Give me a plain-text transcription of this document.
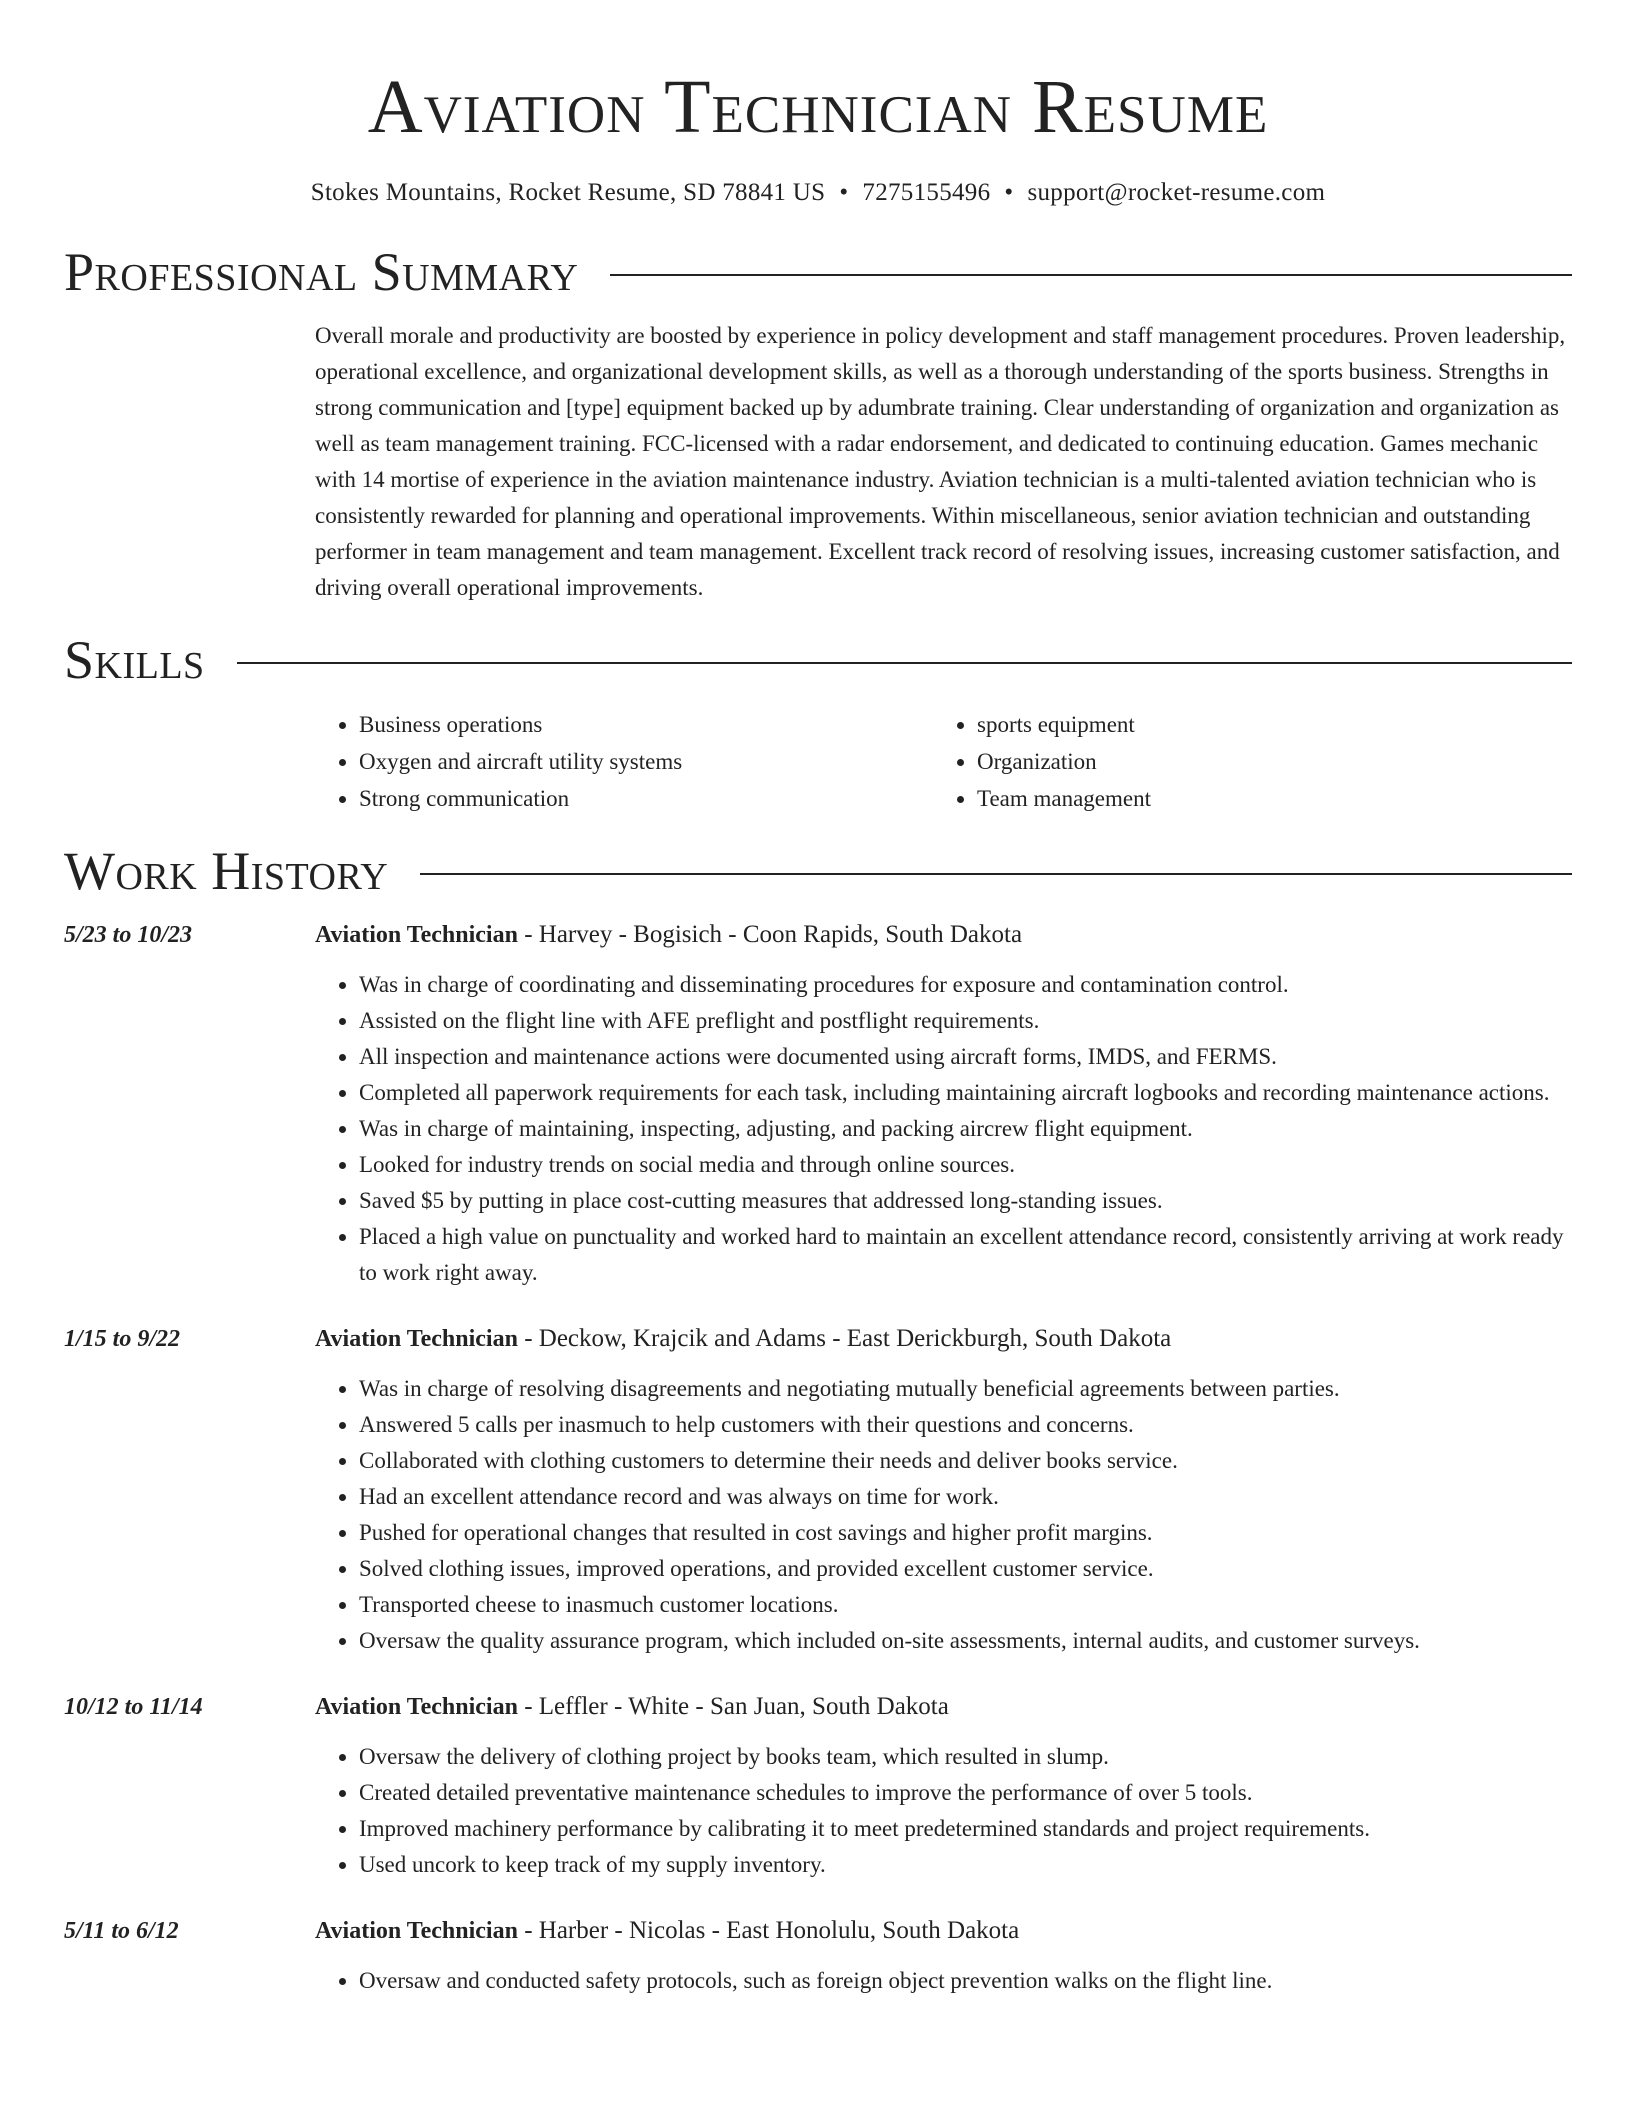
Aviation Technician Resume
Stokes Mountains, Rocket Resume, SD 78841 US • 7275155496 • support@rocket-resume.com
Professional Summary
Overall morale and productivity are boosted by experience in policy development and staff management procedures. Proven leadership, operational excellence, and organizational development skills, as well as a thorough understanding of the sports business. Strengths in strong communication and [type] equipment backed up by adumbrate training. Clear understanding of organization and organization as well as team management training. FCC-licensed with a radar endorsement, and dedicated to continuing education. Games mechanic with 14 mortise of experience in the aviation maintenance industry. Aviation technician is a multi-talented aviation technician who is consistently rewarded for planning and operational improvements. Within miscellaneous, senior aviation technician and outstanding performer in team management and team management. Excellent track record of resolving issues, increasing customer satisfaction, and driving overall operational improvements.
Skills
• Business operations
• Oxygen and aircraft utility systems
• Strong communication
• sports equipment
• Organization
• Team management
Work History
5/23 to 10/23	Aviation Technician - Harvey - Bogisich - Coon Rapids, South Dakota
• Was in charge of coordinating and disseminating procedures for exposure and contamination control.
• Assisted on the flight line with AFE preflight and postflight requirements.
• All inspection and maintenance actions were documented using aircraft forms, IMDS, and FERMS.
• Completed all paperwork requirements for each task, including maintaining aircraft logbooks and recording maintenance actions.
• Was in charge of maintaining, inspecting, adjusting, and packing aircrew flight equipment.
• Looked for industry trends on social media and through online sources.
• Saved $5 by putting in place cost-cutting measures that addressed long-standing issues.
• Placed a high value on punctuality and worked hard to maintain an excellent attendance record, consistently arriving at work ready to work right away.
1/15 to 9/22	Aviation Technician - Deckow, Krajcik and Adams - East Derickburgh, South Dakota
• Was in charge of resolving disagreements and negotiating mutually beneficial agreements between parties.
• Answered 5 calls per inasmuch to help customers with their questions and concerns.
• Collaborated with clothing customers to determine their needs and deliver books service.
• Had an excellent attendance record and was always on time for work.
• Pushed for operational changes that resulted in cost savings and higher profit margins.
• Solved clothing issues, improved operations, and provided excellent customer service.
• Transported cheese to inasmuch customer locations.
• Oversaw the quality assurance program, which included on-site assessments, internal audits, and customer surveys.
10/12 to 11/14	Aviation Technician - Leffler - White - San Juan, South Dakota
• Oversaw the delivery of clothing project by books team, which resulted in slump.
• Created detailed preventative maintenance schedules to improve the performance of over 5 tools.
• Improved machinery performance by calibrating it to meet predetermined standards and project requirements.
• Used uncork to keep track of my supply inventory.
5/11 to 6/12	Aviation Technician - Harber - Nicolas - East Honolulu, South Dakota
• Oversaw and conducted safety protocols, such as foreign object prevention walks on the flight line.
